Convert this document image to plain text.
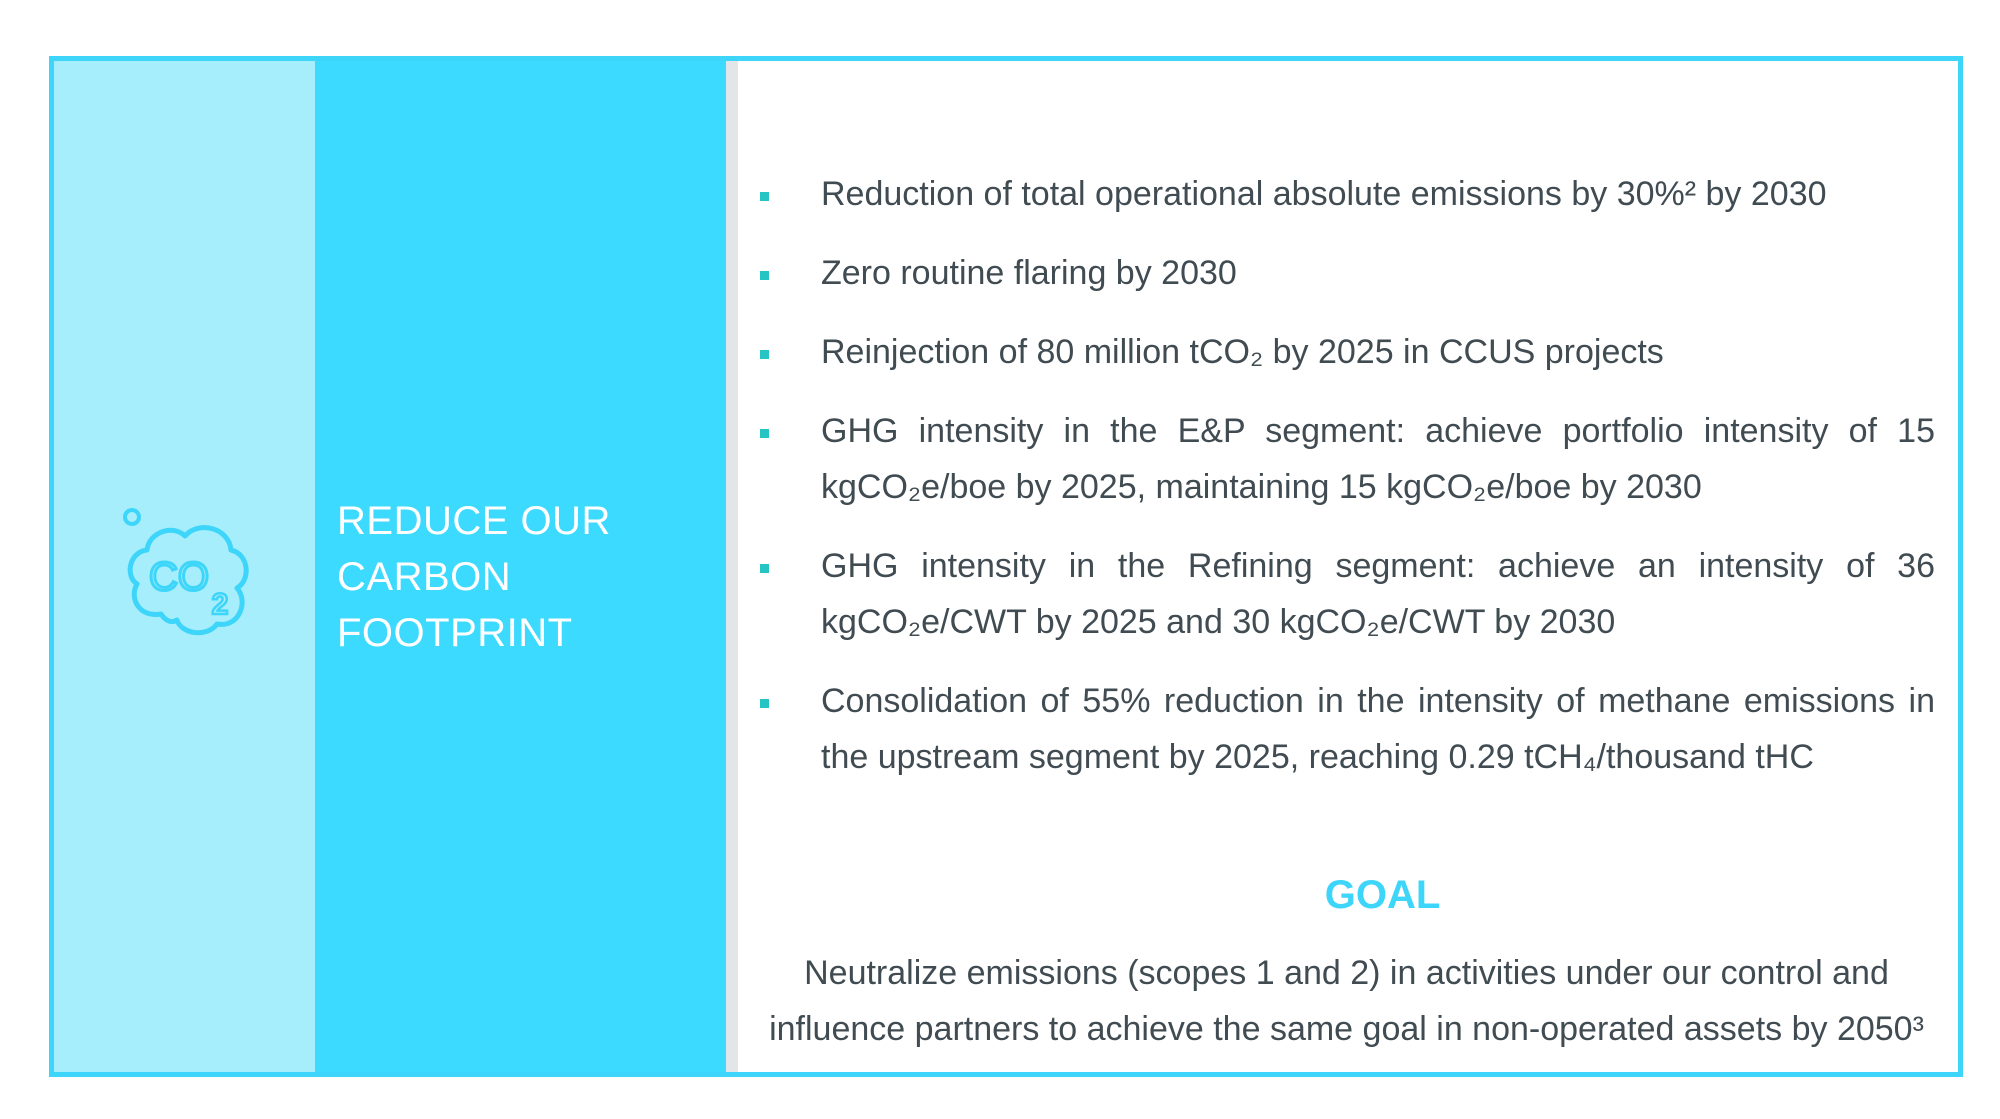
CO
2
REDUCE OUR
CARBON
FOOTPRINT
Reduction of total operational absolute emissions by 30%² by 2030
Zero routine flaring by 2030
Reinjection of 80 million tCO₂ by 2025 in CCUS projects
GHG intensity in the E&P segment: achieve portfolio intensity of 15 kgCO₂e/boe by 2025, maintaining 15 kgCO₂e/boe by 2030
GHG intensity in the Refining segment: achieve an intensity of 36 kgCO₂e/CWT by 2025 and 30 kgCO₂e/CWT by 2030
Consolidation of 55% reduction in the intensity of methane emissions in the upstream segment by 2025, reaching 0.29 tCH₄/thousand tHC
GOAL
Neutralize emissions (scopes 1 and 2) in activities under our control and
influence partners to achieve the same goal in non-operated assets by 2050³
